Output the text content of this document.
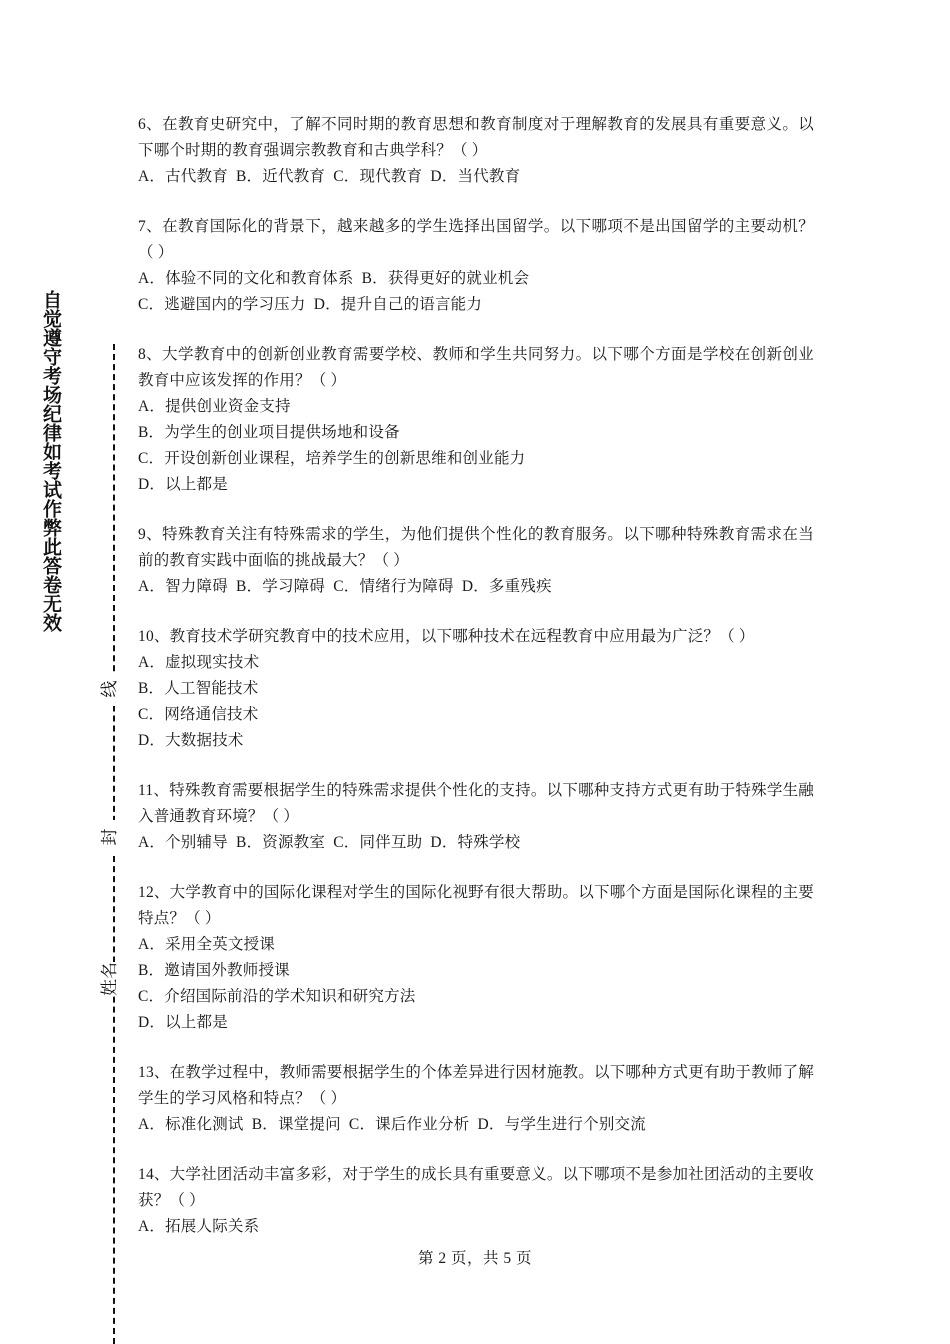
自觉遵守考场纪律如考试作弊此答卷无效
线
封
姓名

6、在教育史研究中，了解不同时期的教育思想和教育制度对于理解教育的发展具有重要意义。以下哪个时期的教育强调宗教教育和古典学科？（ ）

A．古代教育  B．近代教育  C．现代教育  D．当代教育

7、在教育国际化的背景下，越来越多的学生选择出国留学。以下哪项不是出国留学的主要动机？（ ）

A．体验不同的文化和教育体系  B．获得更好的就业机会

C．逃避国内的学习压力  D．提升自己的语言能力

8、大学教育中的创新创业教育需要学校、教师和学生共同努力。以下哪个方面是学校在创新创业教育中应该发挥的作用？（ ）

A．提供创业资金支持

B．为学生的创业项目提供场地和设备

C．开设创新创业课程，培养学生的创新思维和创业能力

D．以上都是

9、特殊教育关注有特殊需求的学生，为他们提供个性化的教育服务。以下哪种特殊教育需求在当前的教育实践中面临的挑战最大？（ ）

A．智力障碍  B．学习障碍  C．情绪行为障碍  D．多重残疾

10、教育技术学研究教育中的技术应用，以下哪种技术在远程教育中应用最为广泛？（ ）

A．虚拟现实技术

B．人工智能技术

C．网络通信技术

D．大数据技术

11、特殊教育需要根据学生的特殊需求提供个性化的支持。以下哪种支持方式更有助于特殊学生融入普通教育环境？（ ）

A．个别辅导  B．资源教室  C．同伴互助  D．特殊学校

12、大学教育中的国际化课程对学生的国际化视野有很大帮助。以下哪个方面是国际化课程的主要特点？（ ）

A．采用全英文授课

B．邀请国外教师授课

C．介绍国际前沿的学术知识和研究方法

D．以上都是

13、在教学过程中，教师需要根据学生的个体差异进行因材施教。以下哪种方式更有助于教师了解学生的学习风格和特点？（ ）

A．标准化测试  B．课堂提问  C．课后作业分析  D．与学生进行个别交流

14、大学社团活动丰富多彩，对于学生的成长具有重要意义。以下哪项不是参加社团活动的主要收获？（ ）

A．拓展人际关系

第 2 页，共 5 页
